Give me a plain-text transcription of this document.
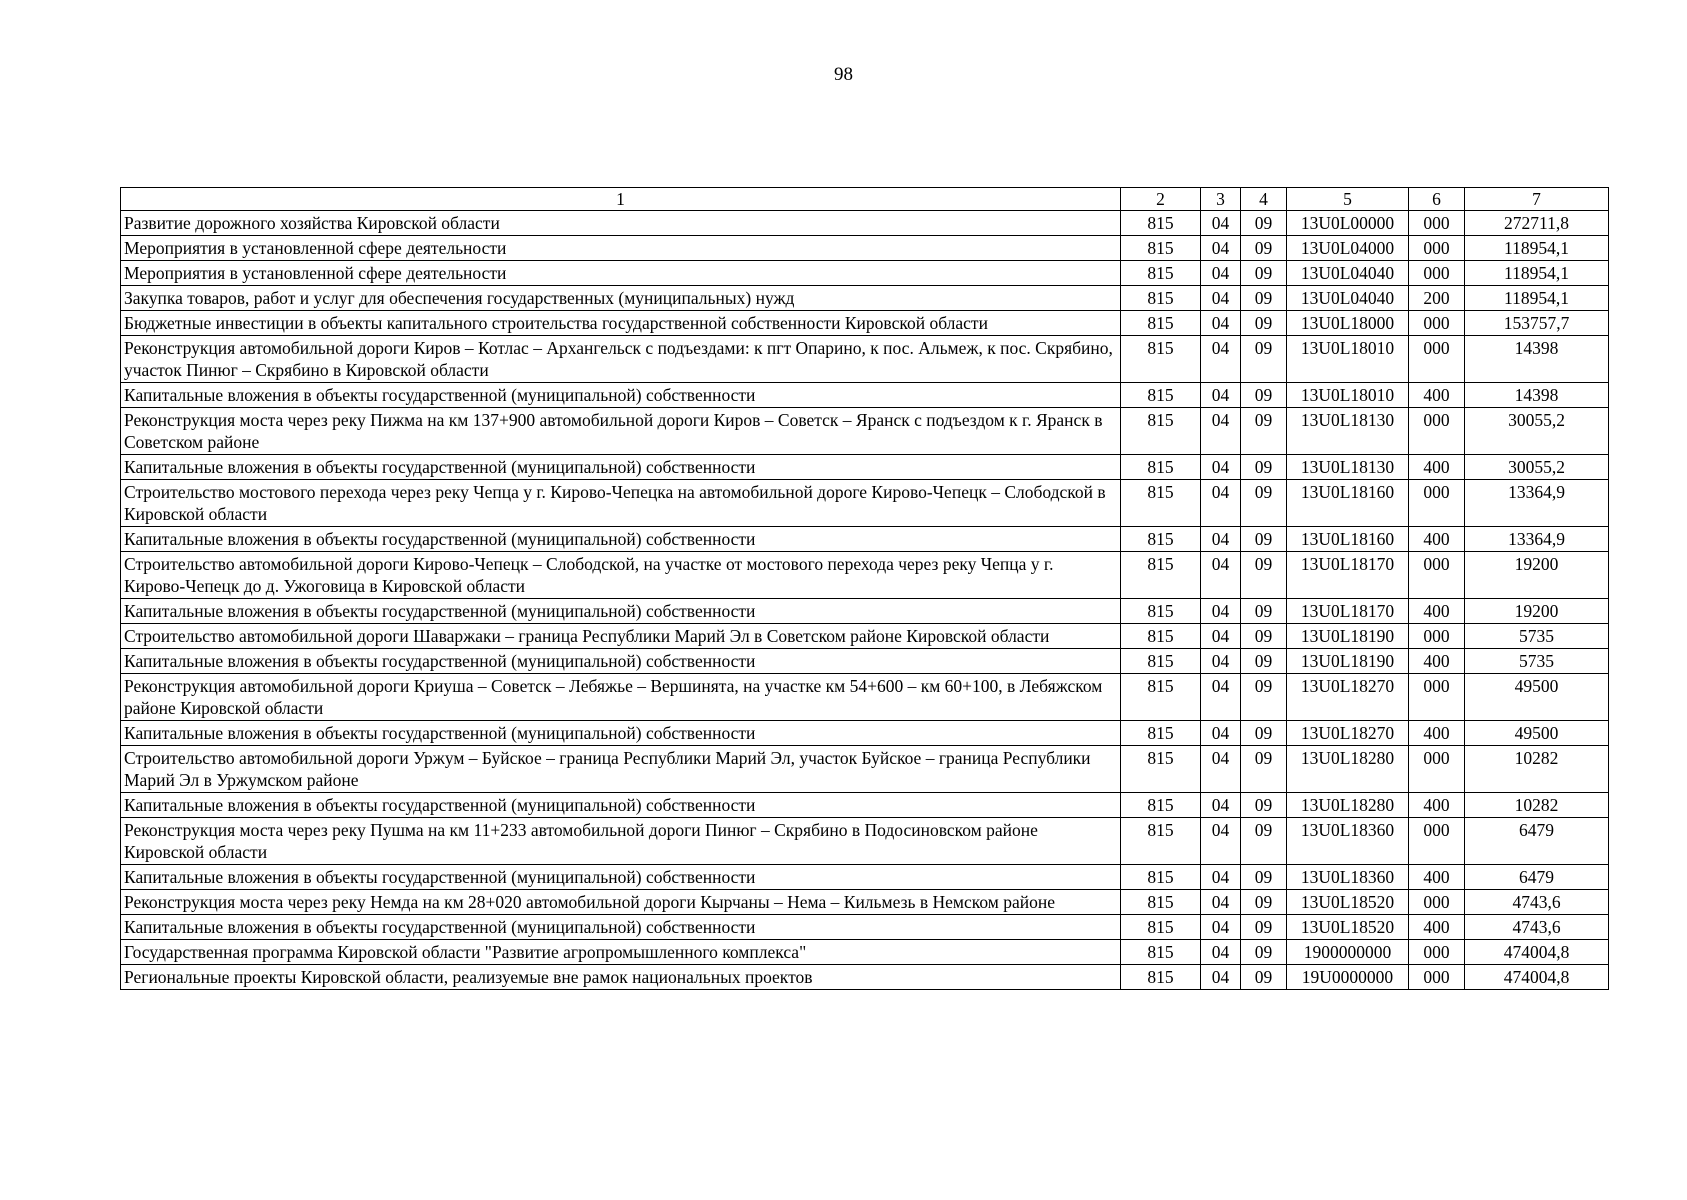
98
1	2	3	4	5	6	7
Развитие дорожного хозяйства Кировской области	815	04	09	13U0L00000	000	272711,8
Мероприятия в установленной сфере деятельности	815	04	09	13U0L04000	000	118954,1
Мероприятия в установленной сфере деятельности	815	04	09	13U0L04040	000	118954,1
Закупка товаров, работ и услуг для обеспечения государственных (муниципальных) нужд	815	04	09	13U0L04040	200	118954,1
Бюджетные инвестиции в объекты капитального строительства государственной собственности Кировской области	815	04	09	13U0L18000	000	153757,7
Реконструкция автомобильной дороги Киров – Котлас – Архангельск с подъездами: к пгт Опарино, к пос. Альмеж, к пос. Скрябино, участок Пинюг – Скрябино в Кировской области	815	04	09	13U0L18010	000	14398
Капитальные вложения в объекты государственной (муниципальной) собственности	815	04	09	13U0L18010	400	14398
Реконструкция моста через реку Пижма на км 137+900 автомобильной дороги Киров – Советск – Яранск с подъездом к г. Яранск в Советском районе	815	04	09	13U0L18130	000	30055,2
Капитальные вложения в объекты государственной (муниципальной) собственности	815	04	09	13U0L18130	400	30055,2
Строительство мостового перехода через реку Чепца у г. Кирово-Чепецка на автомобильной дороге Кирово-Чепецк – Слободской в Кировской области	815	04	09	13U0L18160	000	13364,9
Капитальные вложения в объекты государственной (муниципальной) собственности	815	04	09	13U0L18160	400	13364,9
Строительство автомобильной дороги Кирово-Чепецк – Слободской, на участке от мостового перехода через реку Чепца у г. Кирово-Чепецк до д. Ужоговица в Кировской области	815	04	09	13U0L18170	000	19200
Капитальные вложения в объекты государственной (муниципальной) собственности	815	04	09	13U0L18170	400	19200
Строительство автомобильной дороги Шаваржаки – граница Республики Марий Эл в Советском районе Кировской области	815	04	09	13U0L18190	000	5735
Капитальные вложения в объекты государственной (муниципальной) собственности	815	04	09	13U0L18190	400	5735
Реконструкция автомобильной дороги Криуша – Советск – Лебяжье – Вершинята, на участке км 54+600 – км 60+100, в Лебяжском районе Кировской области	815	04	09	13U0L18270	000	49500
Капитальные вложения в объекты государственной (муниципальной) собственности	815	04	09	13U0L18270	400	49500
Строительство автомобильной дороги Уржум – Буйское – граница Республики Марий Эл, участок Буйское – граница Республики Марий Эл в Уржумском районе	815	04	09	13U0L18280	000	10282
Капитальные вложения в объекты государственной (муниципальной) собственности	815	04	09	13U0L18280	400	10282
Реконструкция моста через реку Пушма на км 11+233 автомобильной дороги Пинюг – Скрябино в Подосиновском районе Кировской области	815	04	09	13U0L18360	000	6479
Капитальные вложения в объекты государственной (муниципальной) собственности	815	04	09	13U0L18360	400	6479
Реконструкция моста через реку Немда на км 28+020 автомобильной дороги Кырчаны – Нема – Кильмезь в Немском районе	815	04	09	13U0L18520	000	4743,6
Капитальные вложения в объекты государственной (муниципальной) собственности	815	04	09	13U0L18520	400	4743,6
Государственная программа Кировской области "Развитие агропромышленного комплекса"	815	04	09	1900000000	000	474004,8
Региональные проекты Кировской области, реализуемые вне рамок национальных проектов	815	04	09	19U0000000	000	474004,8
